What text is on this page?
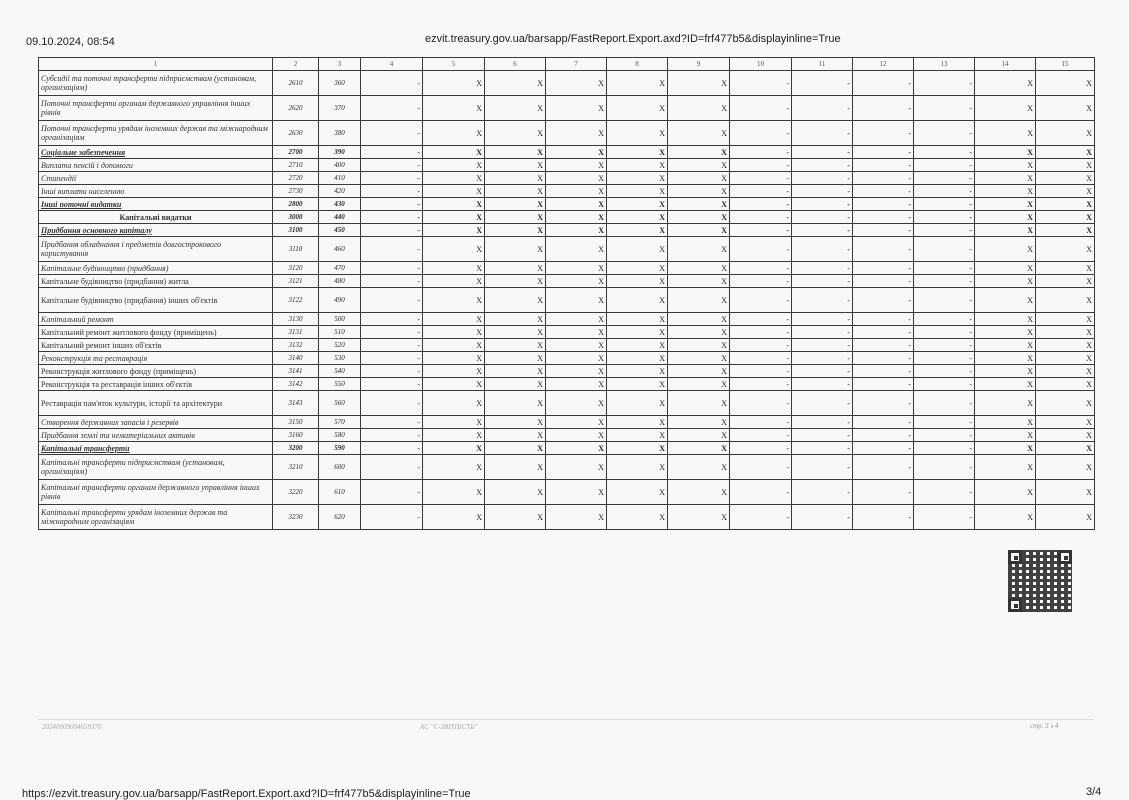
09.10.2024, 08:54	ezvit.treasury.gov.ua/barsapp/FastReport.Export.axd?ID=frf477b5&displayinline=True
1	2	3	4	5	6	7	8	9	10	11	12	13	14	15
Субсидії та поточні трансферти підприємствам (установам, організаціям)	2610	360	-	X	X	X	X	X	-	-	-	-	X	X
Поточні трансферти органам державного управління інших рівнів	2620	370	-	X	X	X	X	X	-	-	-	-	X	X
Поточні трансферти урядам іноземних держав та міжнародним організаціям	2630	380	-	X	X	X	X	X	-	-	-	-	X	X
Соціальне забезпечення	2700	390	-	X	X	X	X	X	-	-	-	-	X	X
Виплата пенсій і допомоги	2710	400	-	X	X	X	X	X	-	-	-	-	X	X
Стипендії	2720	410	-	X	X	X	X	X	-	-	-	-	X	X
Інші виплати населенню	2730	420	-	X	X	X	X	X	-	-	-	-	X	X
Інші поточні видатки	2800	430	-	X	X	X	X	X	-	-	-	-	X	X
Капітальні видатки	3000	440	-	X	X	X	X	X	-	-	-	-	X	X
Придбання основного капіталу	3100	450	-	X	X	X	X	X	-	-	-	-	X	X
Придбання обладнання і предметів довгострокового користування	3110	460	-	X	X	X	X	X	-	-	-	-	X	X
Капітальне будівництво (придбання)	3120	470	-	X	X	X	X	X	-	-	-	-	X	X
Капітальне будівництво (придбання) житла	3121	480	-	X	X	X	X	X	-	-	-	-	X	X
Капітальне будівництво (придбання) інших об'єктів	3122	490	-	X	X	X	X	X	-	-	-	-	X	X
Капітальний ремонт	3130	500	-	X	X	X	X	X	-	-	-	-	X	X
Капітальний ремонт житлового фонду (приміщень)	3131	510	-	X	X	X	X	X	-	-	-	-	X	X
Капітальний ремонт інших об'єктів	3132	520	-	X	X	X	X	X	-	-	-	-	X	X
Реконструкція та реставрація	3140	530	-	X	X	X	X	X	-	-	-	-	X	X
Реконструкція житлового фонду (приміщень)	3141	540	-	X	X	X	X	X	-	-	-	-	X	X
Реконструкція та реставрація інших об'єктів	3142	550	-	X	X	X	X	X	-	-	-	-	X	X
Реставрація пам'яток культури, історії та архітектури	3143	560	-	X	X	X	X	X	-	-	-	-	X	X
Створення державних запасів і резервів	3150	570	-	X	X	X	X	X	-	-	-	-	X	X
Придбання землі та нематеріальних активів	3160	580	-	X	X	X	X	X	-	-	-	-	X	X
Капітальні трансферти	3200	590	-	X	X	X	X	X	-	-	-	-	X	X
Капітальні трансферти підприємствам (установам, організаціям)	3210	600	-	X	X	X	X	X	-	-	-	-	X	X
Капітальні трансферти органам державного управління інших рівнів	3220	610	-	X	X	X	X	X	-	-	-	-	X	X
Капітальні трансферти урядам іноземних держав та міжнародним організаціям	3230	620	-	X	X	X	X	X	-	-	-	-	X	X
20240009004659370	АС "Є-ЗВІТНІСТЬ"	стр. 3 з 4
https://ezvit.treasury.gov.ua/barsapp/FastReport.Export.axd?ID=frf477b5&displayinline=True	3/4
